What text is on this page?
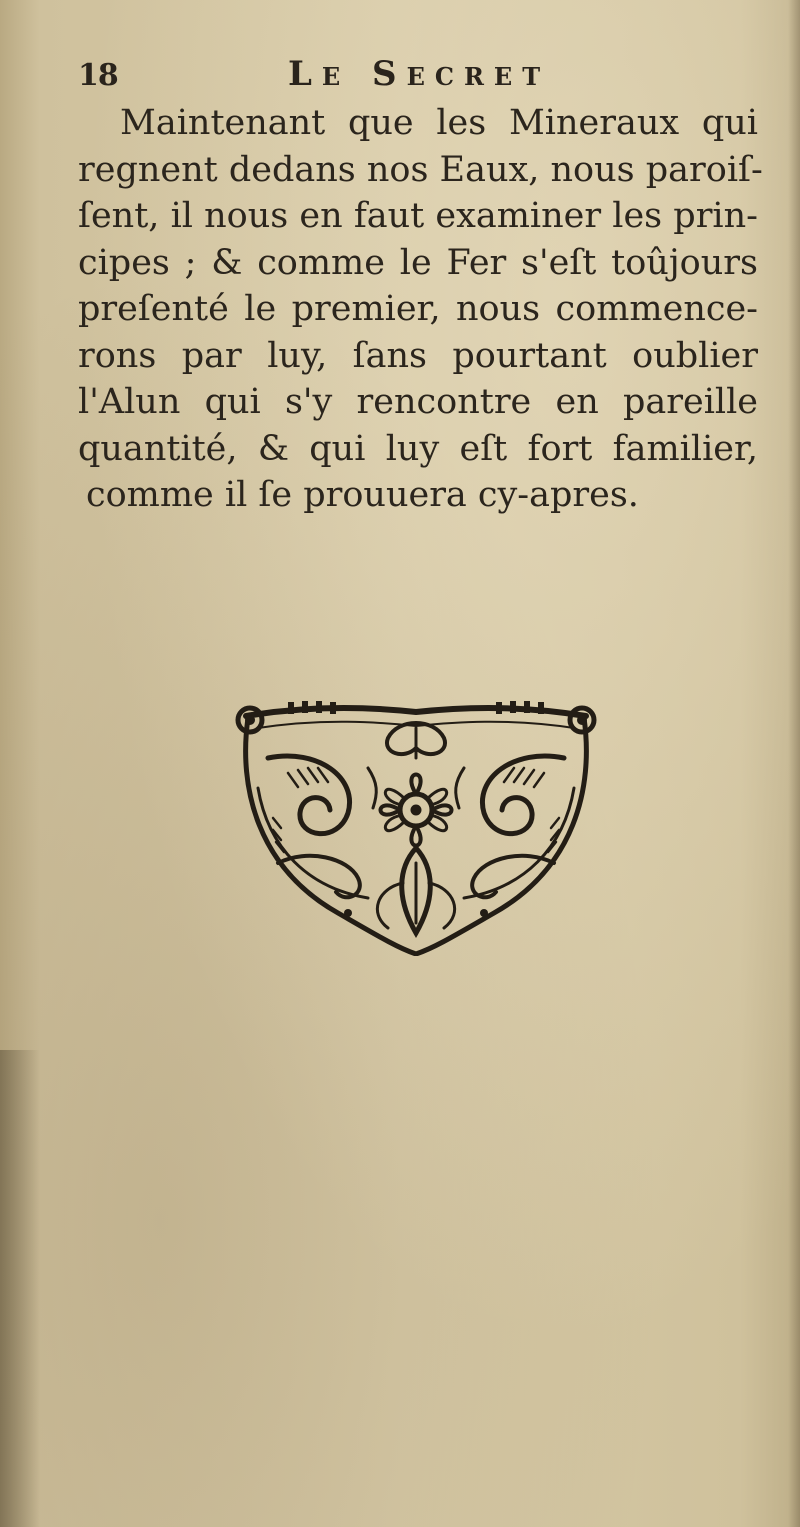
18	Le Secret
Maintenant que les Mineraux qui
regnent dedans nos Eaux, nous paroiſ-
ſent, il nous en faut examiner les prin-
cipes ; & comme le Fer s'eſt toûjours
preſenté le premier, nous commence-
rons par luy, ſans pourtant oublier
l'Alun qui s'y rencontre en pareille
quantité, & qui luy eſt fort familier,
comme il ſe prouuera cy-apres.
